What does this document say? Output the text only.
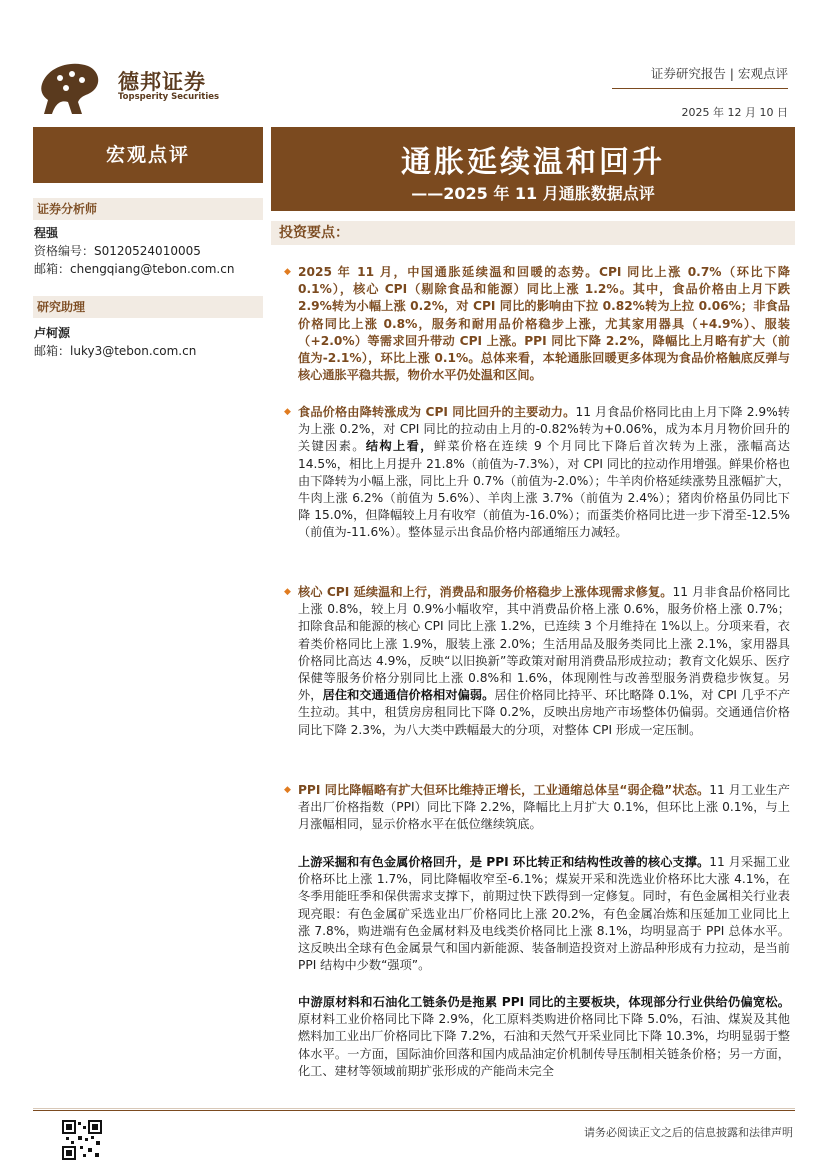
德邦证券
Topsperity Securities
证券研究报告 | 宏观点评
2025 年 12 月 10 日
宏观点评	通胀延续温和回升
——2025 年 11 月通胀数据点评
证券分析师
程强
资格编号：S0120524010005
邮箱：chengqiang@tebon.com.cn
研究助理
卢柯源
邮箱：luky3@tebon.com.cn
投资要点：
◆ 2025 年 11 月，中国通胀延续温和回暖的态势。CPI 同比上涨 0.7%（环比下降 0.1%），核心 CPI（剔除食品和能源）同比上涨 1.2%。其中，食品价格由上月下跌 2.9%转为小幅上涨 0.2%，对 CPI 同比的影响由下拉 0.82%转为上拉 0.06%；非食品价格同比上涨 0.8%，服务和耐用品价格稳步上涨，尤其家用器具（+4.9%）、服装（+2.0%）等需求回升带动 CPI 上涨。PPI 同比下降 2.2%，降幅比上月略有扩大（前值为-2.1%），环比上涨 0.1%。总体来看，本轮通胀回暖更多体现为食品价格触底反弹与核心通胀平稳共振，物价水平仍处温和区间。
◆ 食品价格由降转涨成为 CPI 同比回升的主要动力。11 月食品价格同比由上月下降 2.9%转为上涨 0.2%，对 CPI 同比的拉动由上月的-0.82%转为+0.06%，成为本月月物价回升的关键因素。结构上看，鲜菜价格在连续 9 个月同比下降后首次转为上涨，涨幅高达 14.5%，相比上月提升 21.8%（前值为-7.3%），对 CPI 同比的拉动作用增强。鲜果价格也由下降转为小幅上涨，同比上升 0.7%（前值为-2.0%）；牛羊肉价格延续涨势且涨幅扩大，牛肉上涨 6.2%（前值为 5.6%）、羊肉上涨 3.7%（前值为 2.4%）；猪肉价格虽仍同比下降 15.0%，但降幅较上月有收窄（前值为-16.0%）；而蛋类价格同比进一步下滑至-12.5%（前值为-11.6%）。整体显示出食品价格内部通缩压力减轻。
◆ 核心 CPI 延续温和上行，消费品和服务价格稳步上涨体现需求修复。11 月非食品价格同比上涨 0.8%，较上月 0.9%小幅收窄，其中消费品价格上涨 0.6%，服务价格上涨 0.7%；扣除食品和能源的核心 CPI 同比上涨 1.2%，已连续 3 个月维持在 1%以上。分项来看，衣着类价格同比上涨 1.9%，服装上涨 2.0%；生活用品及服务类同比上涨 2.1%，家用器具价格同比高达 4.9%，反映“以旧换新”等政策对耐用消费品形成拉动；教育文化娱乐、医疗保健等服务价格分别同比上涨 0.8%和 1.6%，体现刚性与改善型服务消费稳步恢复。另外，居住和交通通信价格相对偏弱。居住价格同比持平、环比略降 0.1%，对 CPI 几乎不产生拉动。其中，租赁房房租同比下降 0.2%，反映出房地产市场整体仍偏弱。交通通信价格同比下降 2.3%，为八大类中跌幅最大的分项，对整体 CPI 形成一定压制。
◆ PPI 同比降幅略有扩大但环比维持正增长，工业通缩总体呈“弱企稳”状态。11 月工业生产者出厂价格指数（PPI）同比下降 2.2%，降幅比上月扩大 0.1%，但环比上涨 0.1%，与上月涨幅相同，显示价格水平在低位继续筑底。
上游采掘和有色金属价格回升，是 PPI 环比转正和结构性改善的核心支撑。11 月采掘工业价格环比上涨 1.7%，同比降幅收窄至-6.1%；煤炭开采和洗选业价格环比大涨 4.1%，在冬季用能旺季和保供需求支撑下，前期过快下跌得到一定修复。同时，有色金属相关行业表现亮眼：有色金属矿采选业出厂价格同比上涨 20.2%，有色金属冶炼和压延加工业同比上涨 7.8%，购进端有色金属材料及电线类价格同比上涨 8.1%，均明显高于 PPI 总体水平。这反映出全球有色金属景气和国内新能源、装备制造投资对上游品种形成有力拉动，是当前 PPI 结构中少数“强项”。
中游原材料和石油化工链条仍是拖累 PPI 同比的主要板块，体现部分行业供给仍偏宽松。原材料工业价格同比下降 2.9%，化工原料类购进价格同比下降 5.0%，石油、煤炭及其他燃料加工业出厂价格同比下降 7.2%，石油和天然气开采业同比下降 10.3%，均明显弱于整体水平。一方面，国际油价回落和国内成品油定价机制传导压制相关链条价格；另一方面，化工、建材等领域前期扩张形成的产能尚未完全
请务必阅读正文之后的信息披露和法律声明
